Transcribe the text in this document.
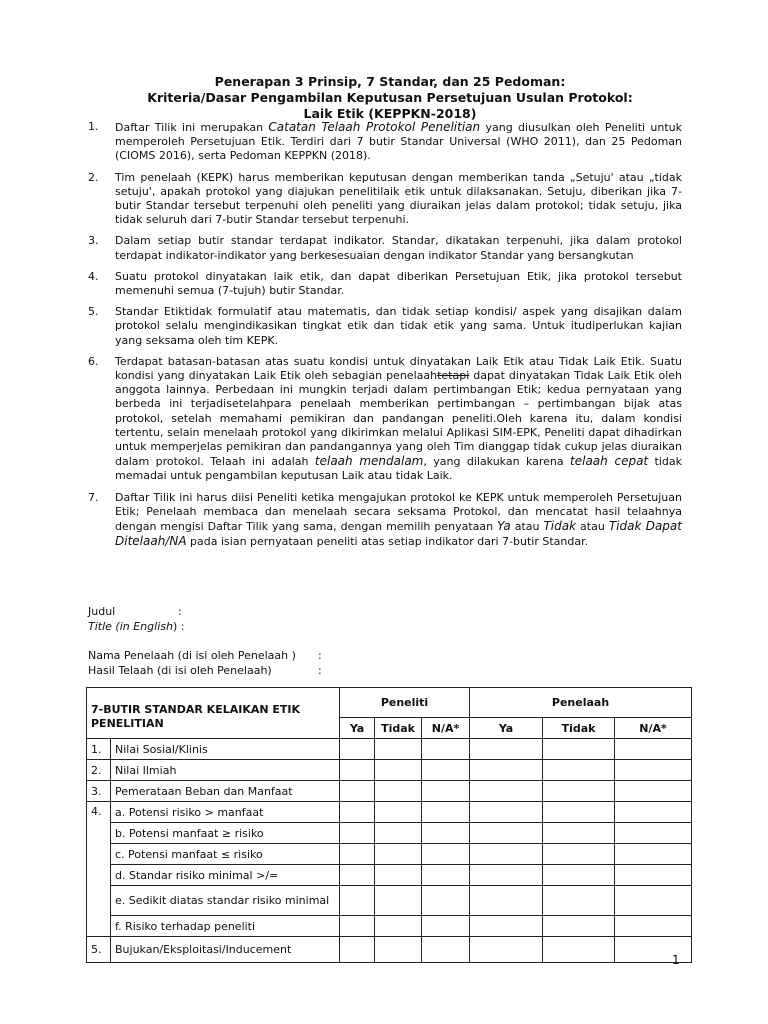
Penerapan 3 Prinsip, 7 Standar, dan 25 Pedoman:
Kriteria/Dasar Pengambilan Keputusan Persetujuan Usulan Protokol:
Laik Etik (KEPPKN-2018)
1. Daftar Tilik ini merupakan Catatan Telaah Protokol Penelitian yang diusulkan oleh Peneliti untuk memperoleh Persetujuan Etik. Terdiri dari 7 butir Standar Universal (WHO 2011), dan 25 Pedoman (CIOMS 2016), serta Pedoman KEPPKN (2018).
2. Tim penelaah (KEPK) harus memberikan keputusan dengan memberikan tanda „Setuju' atau „tidak setuju', apakah protokol yang diajukan penelitilaik etik untuk dilaksanakan. Setuju, diberikan jika 7-butir Standar tersebut terpenuhi oleh peneliti yang diuraikan jelas dalam protokol; tidak setuju, jika tidak seluruh dari 7-butir Standar tersebut terpenuhi.
3. Dalam setiap butir standar terdapat indikator. Standar, dikatakan terpenuhi, jika dalam protokol terdapat indikator-indikator yang berkesesuaian dengan indikator Standar yang bersangkutan
4. Suatu protokol dinyatakan laik etik, dan dapat diberikan Persetujuan Etik, jika protokol tersebut memenuhi semua (7-tujuh) butir Standar.
5. Standar Etiktidak formulatif atau matematis, dan tidak setiap kondisi/ aspek yang disajikan dalam protokol selalu mengindikasikan tingkat etik dan tidak etik yang sama. Untuk itudiperlukan kajian yang seksama oleh tim KEPK.
6. Terdapat batasan-batasan atas suatu kondisi untuk dinyatakan Laik Etik atau Tidak Laik Etik. Suatu kondisi yang dinyatakan Laik Etik oleh sebagian penelaahtetapi dapat dinyatakan Tidak Laik Etik oleh anggota lainnya. Perbedaan ini mungkin terjadi dalam pertimbangan Etik; kedua pernyataan yang berbeda ini terjadisetelahpara penelaah memberikan pertimbangan – pertimbangan bijak atas protokol, setelah memahami pemikiran dan pandangan peneliti.Oleh karena itu, dalam kondisi tertentu, selain menelaah protokol yang dikirimkan melalui Aplikasi SIM-EPK, Peneliti dapat dihadirkan untuk memperjelas pemikiran dan pandangannya yang oleh Tim dianggap tidak cukup jelas diuraikan dalam protokol. Telaah ini adalah telaah mendalam, yang dilakukan karena telaah cepat tidak memadai untuk pengambilan keputusan Laik atau tidak Laik.
7. Daftar Tilik ini harus diisi Peneliti ketika mengajukan protokol ke KEPK untuk memperoleh Persetujuan Etik; Penelaah membaca dan menelaah secara seksama Protokol, dan mencatat hasil telaahnya dengan mengisi Daftar Tilik yang sama, dengan memilih penyataan Ya atau Tidak atau Tidak Dapat Ditelaah/NA pada isian pernyataan peneliti atas setiap indikator dari 7-butir Standar.
Judul	:
Title (in English) :
Nama Penelaah (di isi oleh Penelaah ) :
Hasil Telaah (di isi oleh Penelaah)	:
7-BUTIR STANDAR KELAIKAN ETIK PENELITIAN		Peneliti			Penelaah		
		Ya	Tidak	N/A*	Ya	Tidak	N/A*
1.	Nilai Sosial/Klinis						
2.	Nilai Ilmiah						
3.	Pemerataan Beban dan Manfaat						
4.	a. Potensi risiko > manfaat						
	b. Potensi manfaat ≥ risiko						
	c. Potensi manfaat ≤ risiko						
	d. Standar risiko minimal >/=						
	e. Sedikit diatas standar risiko minimal						
	f. Risiko terhadap peneliti						
5.	Bujukan/Eksploitasi/Inducement						
1
